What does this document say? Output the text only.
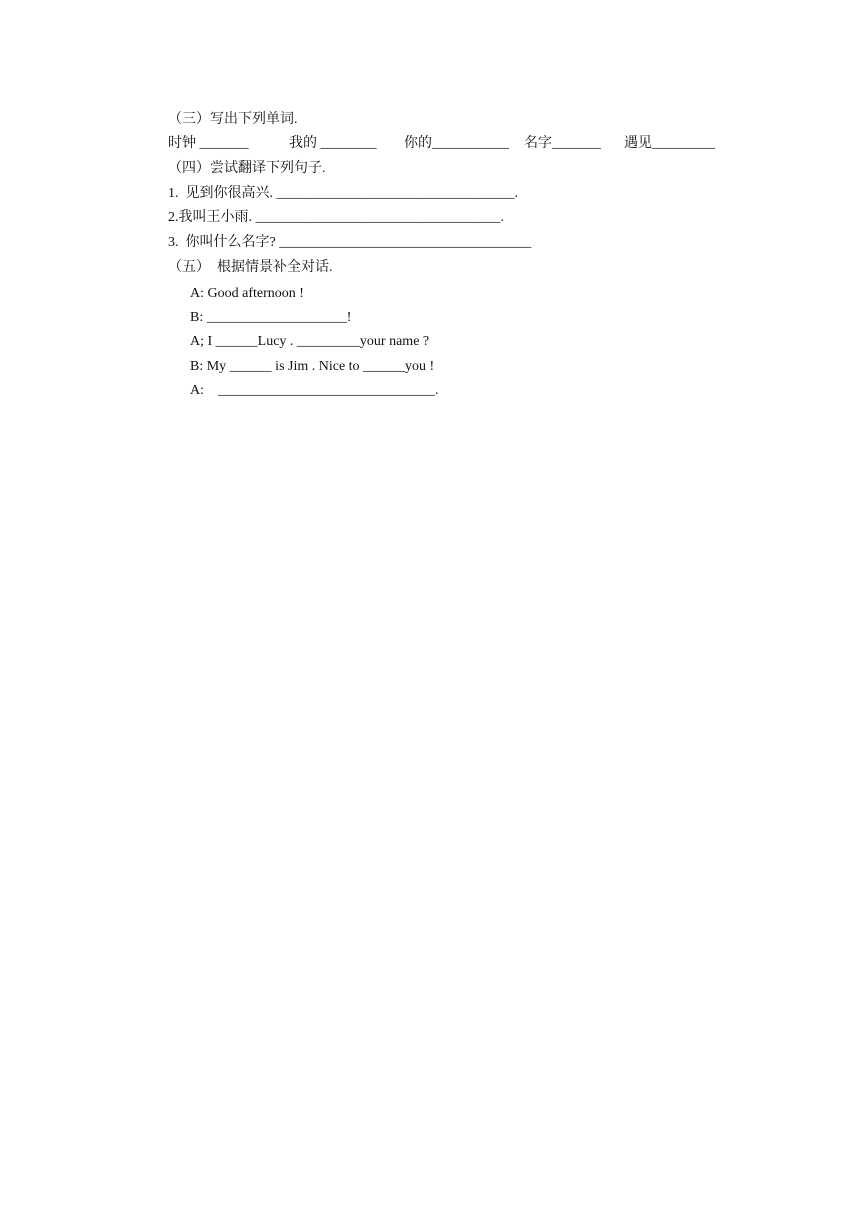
（三）写出下列单词.

时钟 _______

	我的 ________

你的___________

名字_______

遇见_________

（四）尝试翻译下列句子.
1.  见到你很高兴. __________________________________.
2.我叫王小雨. ___________________________________.
3.  你叫什么名字? ____________________________________
（五）  根据情景补全对话.
A: Good afternoon !
B: ____________________!
A; I ______Lucy . _________your name ?
B: My ______ is Jim . Nice to ______you !
A:    _______________________________.
